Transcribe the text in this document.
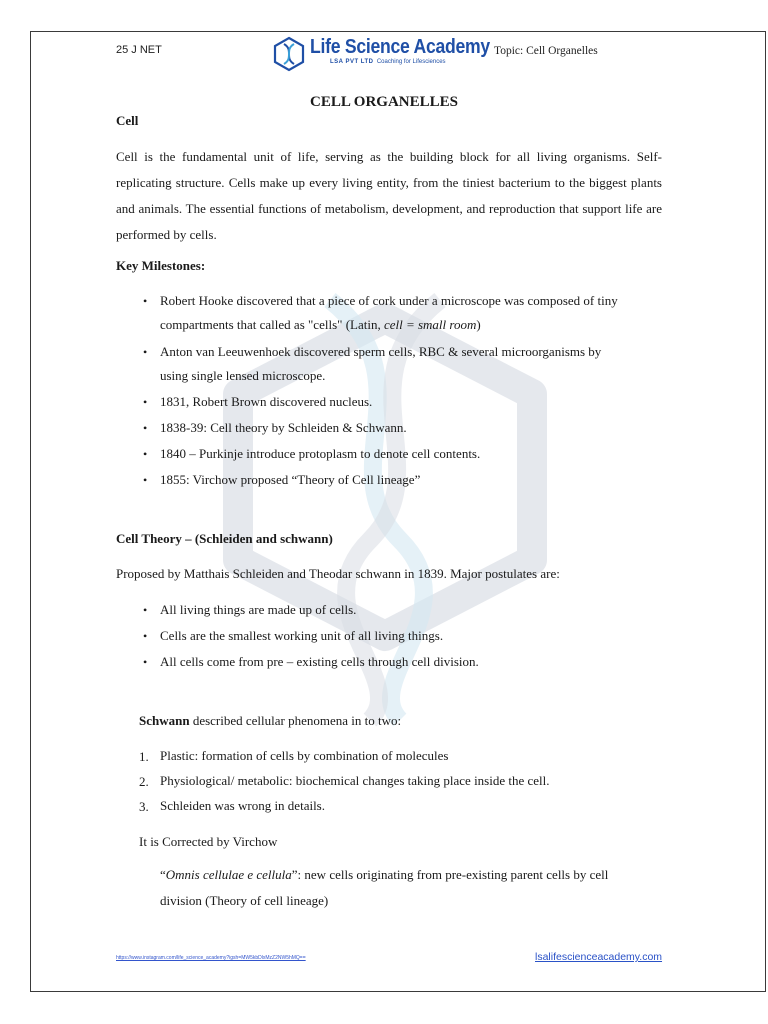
25 J NET	Life Science Academy
LSA PVT LTD Coaching for Lifesciences
Topic: Cell Organelles
CELL ORGANELLES
Cell
Cell is the fundamental unit of life, serving as the building block for all living organisms. Self-replicating structure. Cells make up every living entity, from the tiniest bacterium to the biggest plants and animals. The essential functions of metabolism, development, and reproduction that support life are performed by cells.
Key Milestones:
• Robert Hooke discovered that a piece of cork under a microscope was composed of tiny
compartments that called as "cells" (Latin, cell = small room)
• Anton van Leeuwenhoek discovered sperm cells, RBC & several microorganisms by
using single lensed microscope.
• 1831, Robert Brown discovered nucleus.
• 1838-39: Cell theory by Schleiden & Schwann.
• 1840 – Purkinje introduce protoplasm to denote cell contents.
• 1855: Virchow proposed “Theory of Cell lineage”
Cell Theory – (Schleiden and schwann)
Proposed by Matthais Schleiden and Theodar schwann in 1839. Major postulates are:
• All living things are made up of cells.
• Cells are the smallest working unit of all living things.
• All cells come from pre – existing cells through cell division.
Schwann described cellular phenomena in to two:
1. Plastic: formation of cells by combination of molecules
2. Physiological/ metabolic: biochemical changes taking place inside the cell.
3. Schleiden was wrong in details.
It is Corrected by Virchow
“Omnis cellulae e cellula”: new cells originating from pre-existing parent cells by cell division (Theory of cell lineage)
https://www.instagram.com/life_science_academy?igsh=MW5kbDlxMzZ2NW5hMQ==	lsalifescienceacademy.com
